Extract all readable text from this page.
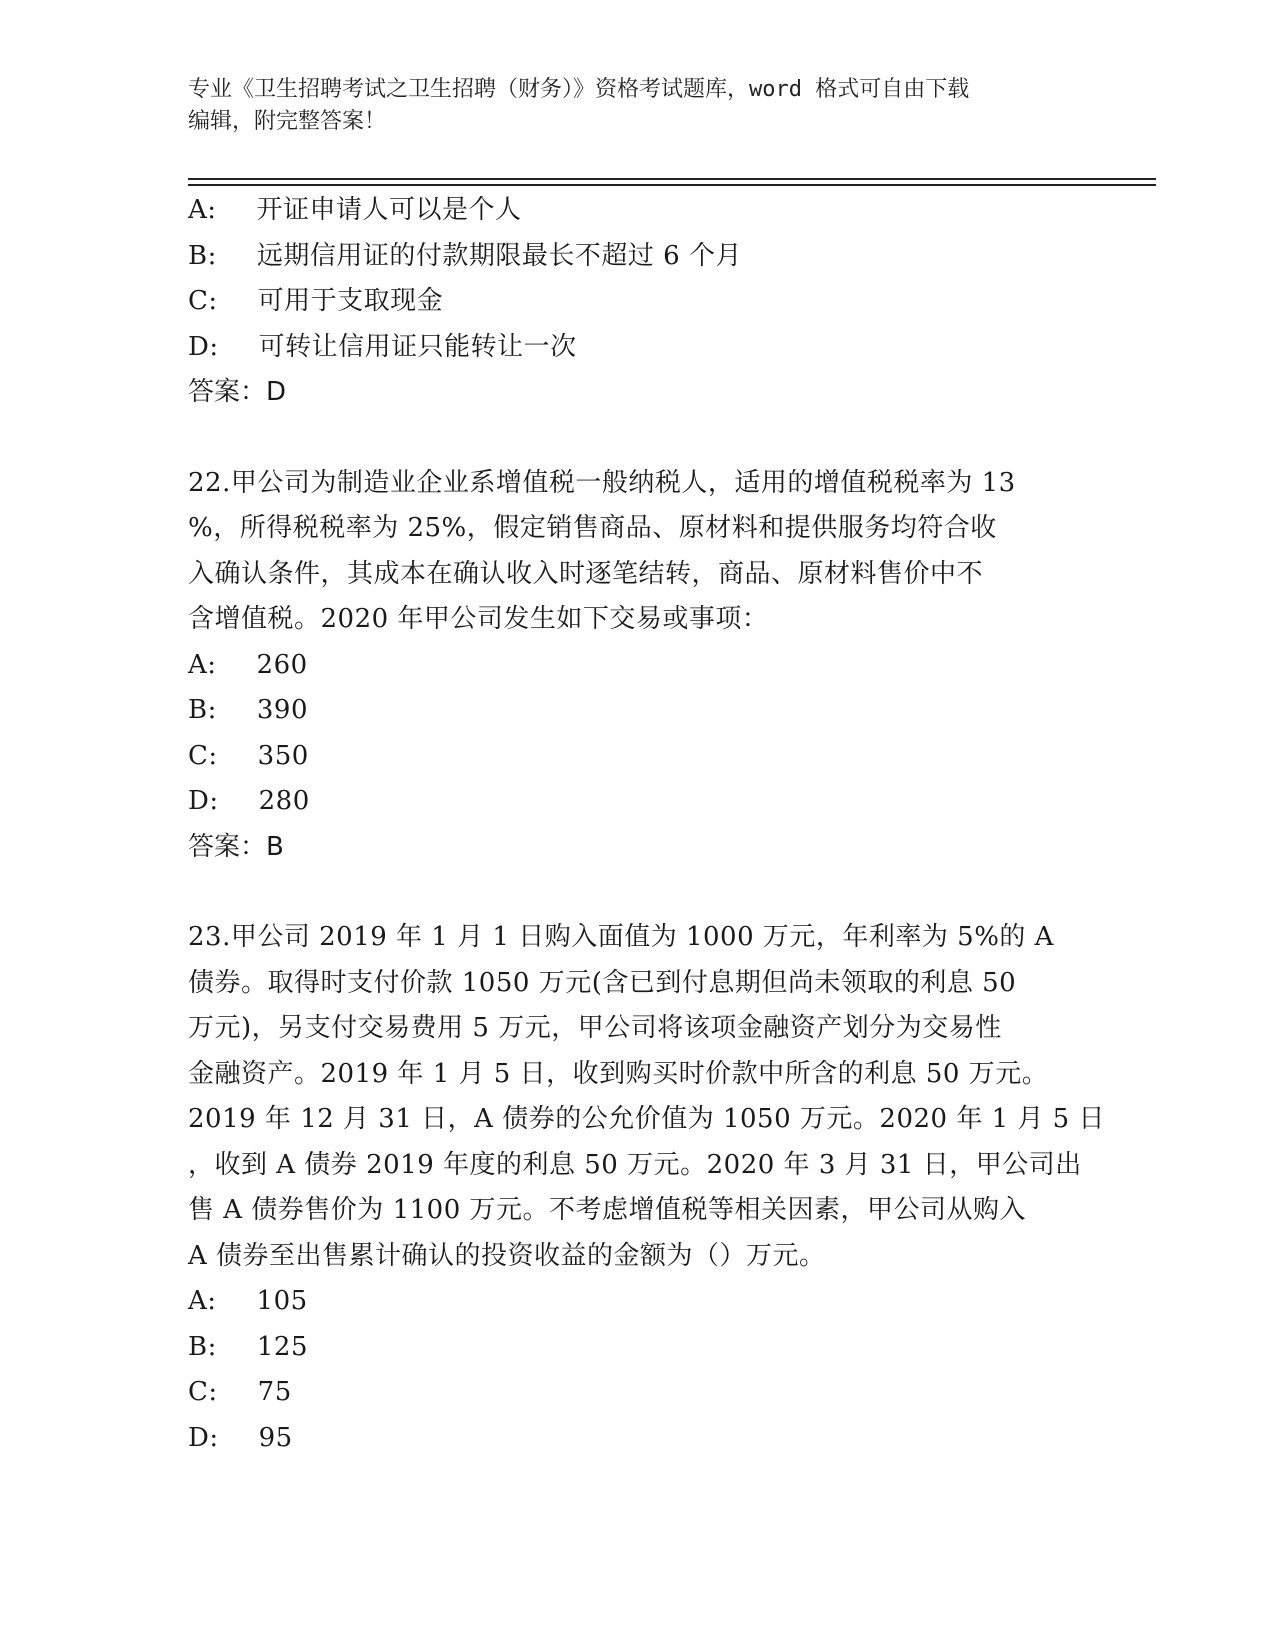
专业《卫生招聘考试之卫生招聘（财务）》资格考试题库，word 格式可自由下载
编辑，附完整答案！
A: 开证申请人可以是个人
B: 远期信用证的付款期限最长不超过 6 个月
C: 可用于支取现金
D: 可转让信用证只能转让一次
答案：D
22.甲公司为制造业企业系增值税一般纳税人，适用的增值税税率为 13
%，所得税税率为 25%，假定销售商品、原材料和提供服务均符合收
入确认条件，其成本在确认收入时逐笔结转，商品、原材料售价中不
含增值税。2020 年甲公司发生如下交易或事项：
A: 260
B: 390
C: 350
D: 280
答案：B
23.甲公司 2019 年 1 月 1 日购入面值为 1000 万元，年利率为 5%的 A
债券。取得时支付价款 1050 万元(含已到付息期但尚未领取的利息 50
万元)，另支付交易费用 5 万元，甲公司将该项金融资产划分为交易性
金融资产。2019 年 1 月 5 日，收到购买时价款中所含的利息 50 万元。
2019 年 12 月 31 日，A 债券的公允价值为 1050 万元。2020 年 1 月 5 日
，收到 A 债券 2019 年度的利息 50 万元。2020 年 3 月 31 日，甲公司出
售 A 债券售价为 1100 万元。不考虑增值税等相关因素，甲公司从购入
A 债券至出售累计确认的投资收益的金额为（）万元。
A: 105
B: 125
C: 75
D: 95
